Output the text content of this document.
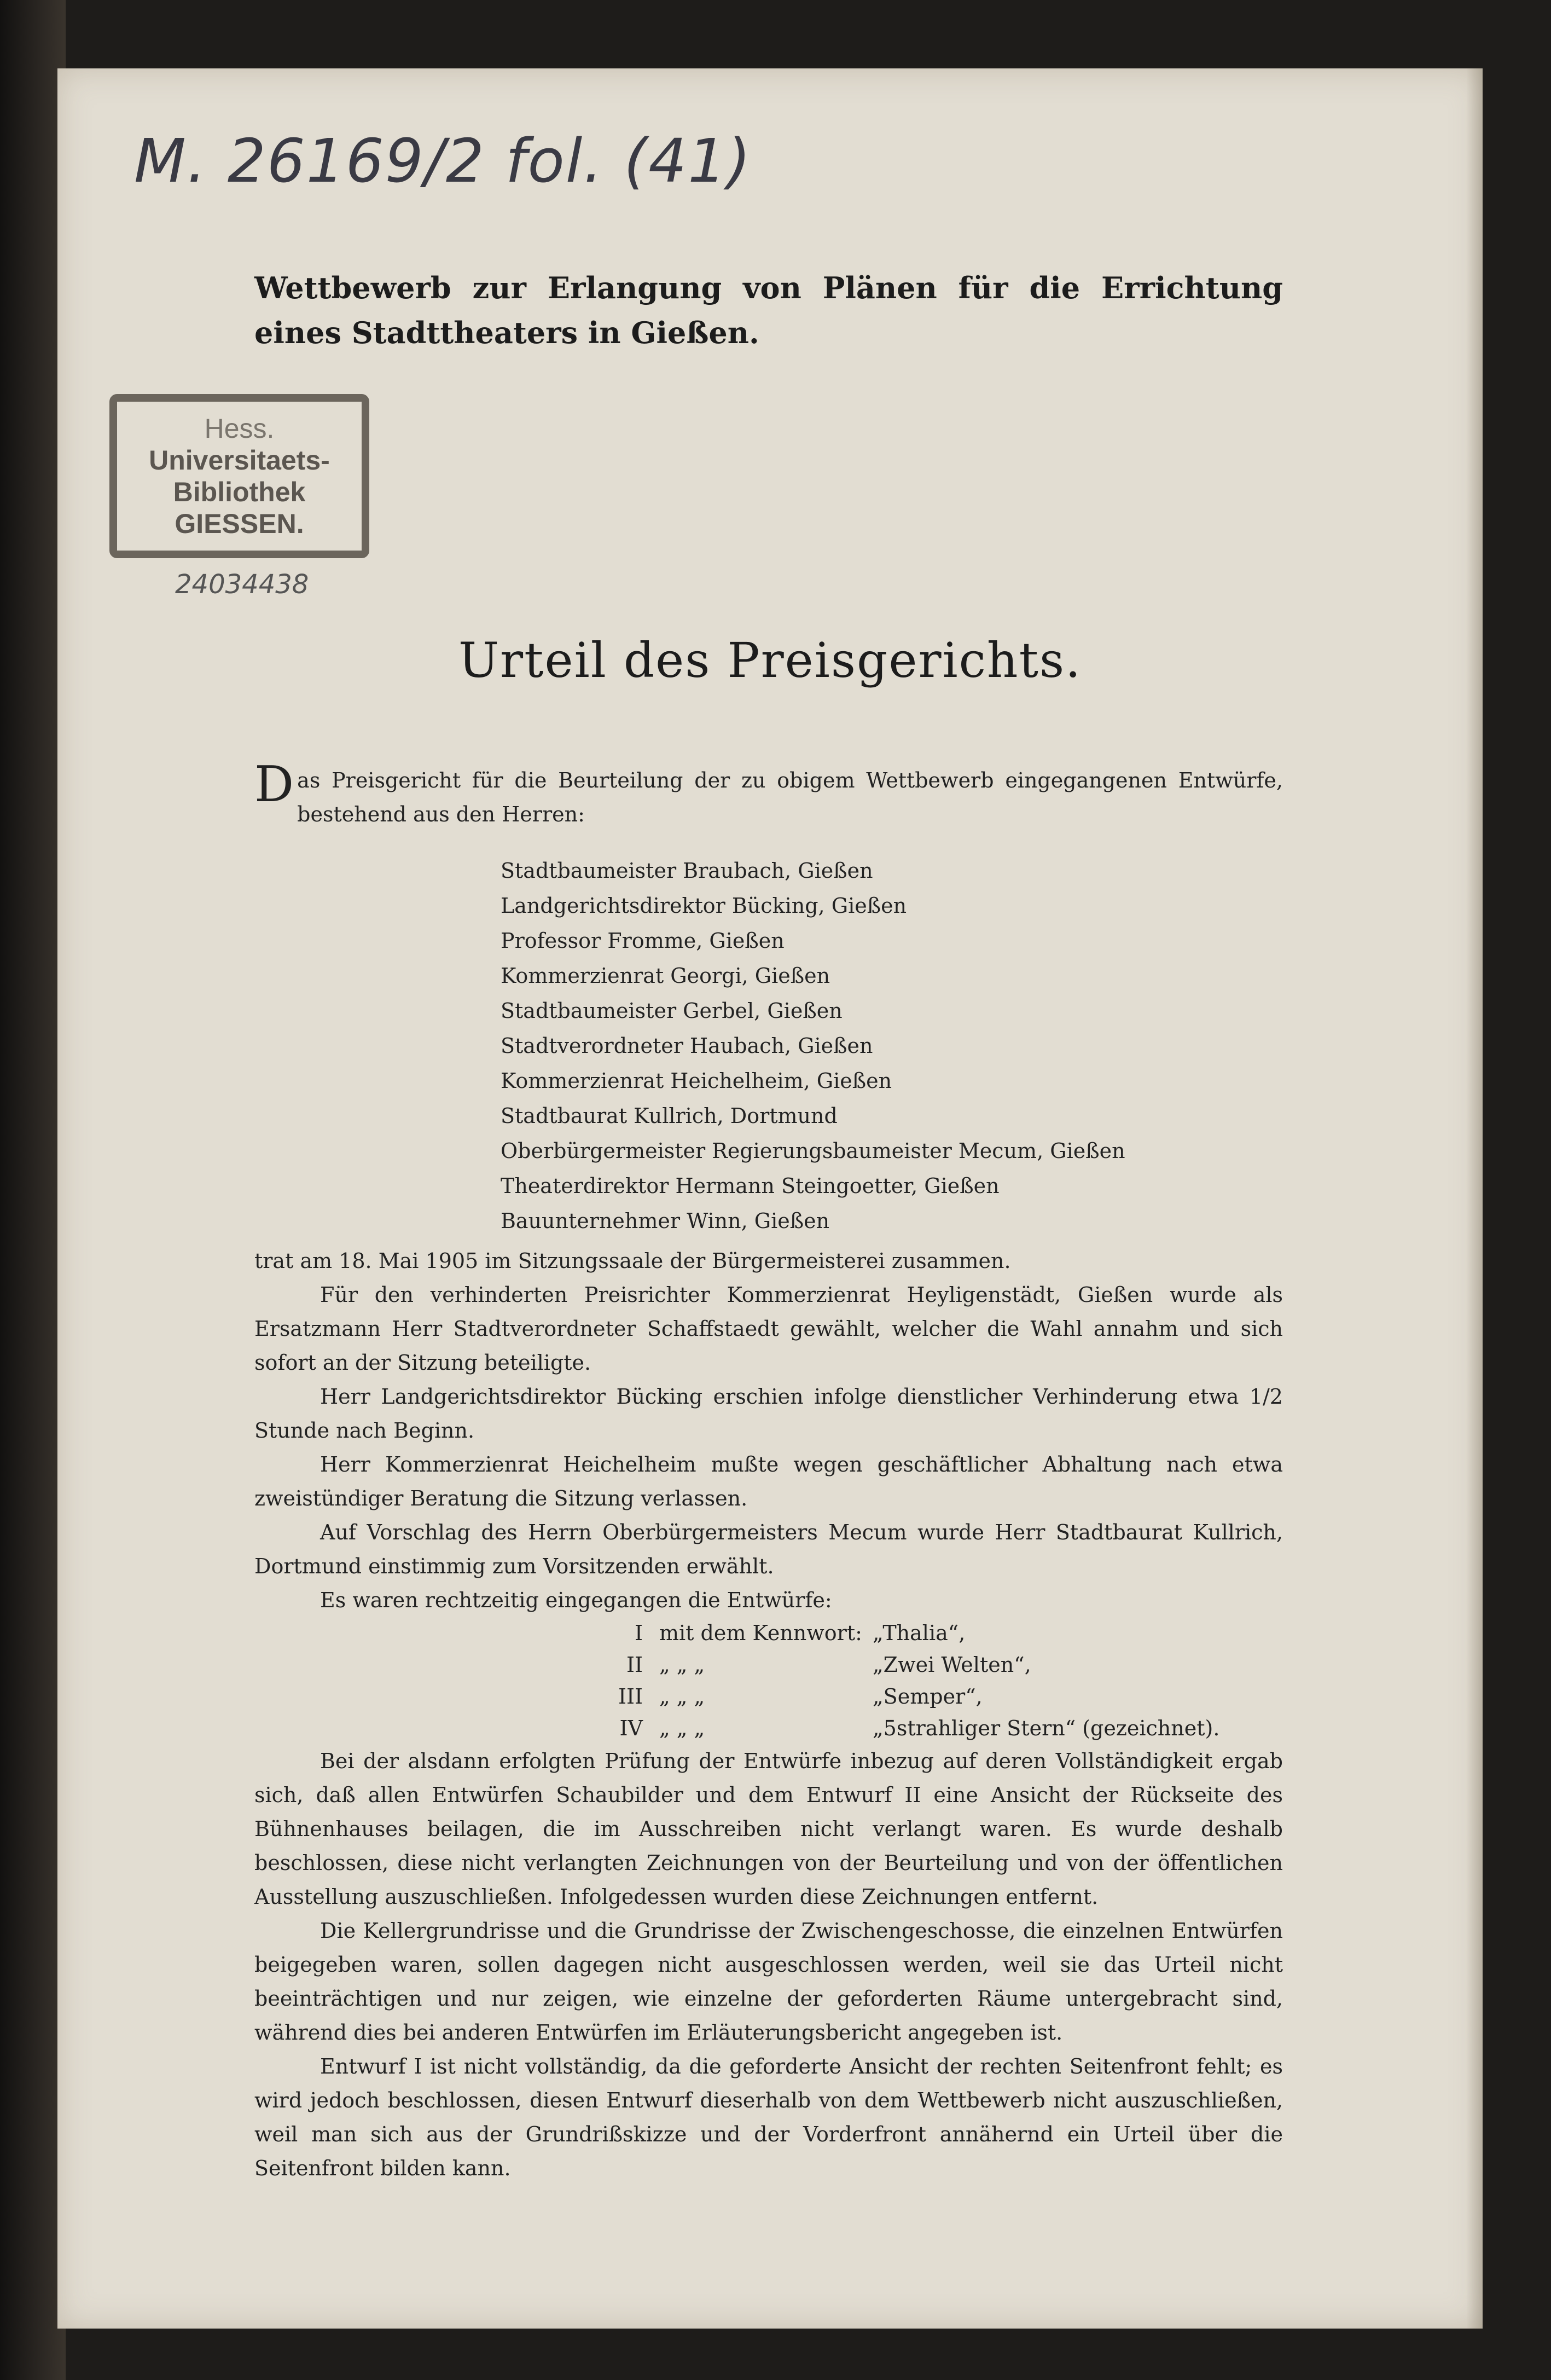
M. 26169/2 fol. (41)
Wettbewerb zur Erlangung von Plänen für die Errichtung eines Stadttheaters in Gießen.
Hess.
Universitaets-
Bibliothek
GIESSEN.
24034438
Urteil des Preisgerichts.

Das Preisgericht für die Beurteilung der zu obigem Wettbewerb eingegangenen Entwürfe, bestehend aus den Herren:

Stadtbaumeister Braubach, Gießen
Landgerichtsdirektor Bücking, Gießen
Professor Fromme, Gießen
Kommerzienrat Georgi, Gießen
Stadtbaumeister Gerbel, Gießen
Stadtverordneter Haubach, Gießen
Kommerzienrat Heichelheim, Gießen
Stadtbaurat Kullrich, Dortmund
Oberbürgermeister Regierungsbaumeister Mecum, Gießen
Theaterdirektor Hermann Steingoetter, Gießen
Bauunternehmer Winn, Gießen

trat am 18. Mai 1905 im Sitzungssaale der Bürgermeisterei zusammen.

Für den verhinderten Preisrichter Kommerzienrat Heyligenstädt, Gießen wurde als Ersatzmann Herr Stadtverordneter Schaffstaedt gewählt, welcher die Wahl annahm und sich sofort an der Sitzung beteiligte.

Herr Landgerichtsdirektor Bücking erschien infolge dienstlicher Verhinderung etwa 1/2 Stunde nach Beginn.

Herr Kommerzienrat Heichelheim mußte wegen geschäftlicher Abhaltung nach etwa zweistündiger Beratung die Sitzung verlassen.

Auf Vorschlag des Herrn Oberbürgermeisters Mecum wurde Herr Stadtbaurat Kullrich, Dortmund einstimmig zum Vorsitzenden erwählt.

Es waren rechtzeitig eingegangen die Entwürfe:

I mit dem Kennwort: „Thalia“,
II „ „ „	„Zwei Welten“,
III „ „ „	„Semper“,
IV „ „ „	„5strahliger Stern“ (gezeichnet).

Bei der alsdann erfolgten Prüfung der Entwürfe inbezug auf deren Vollständigkeit ergab sich, daß allen Entwürfen Schaubilder und dem Entwurf II eine Ansicht der Rückseite des Bühnenhauses beilagen, die im Ausschreiben nicht verlangt waren. Es wurde deshalb beschlossen, diese nicht verlangten Zeichnungen von der Beurteilung und von der öffentlichen Ausstellung auszuschließen. Infolgedessen wurden diese Zeichnungen entfernt.

Die Kellergrundrisse und die Grundrisse der Zwischengeschosse, die einzelnen Entwürfen beigegeben waren, sollen dagegen nicht ausgeschlossen werden, weil sie das Urteil nicht beeinträchtigen und nur zeigen, wie einzelne der geforderten Räume untergebracht sind, während dies bei anderen Entwürfen im Erläuterungsbericht angegeben ist.

Entwurf I ist nicht vollständig, da die geforderte Ansicht der rechten Seitenfront fehlt; es wird jedoch beschlossen, diesen Entwurf dieserhalb von dem Wettbewerb nicht auszuschließen, weil man sich aus der Grundrißskizze und der Vorderfront annähernd ein Urteil über die Seitenfront bilden kann.
